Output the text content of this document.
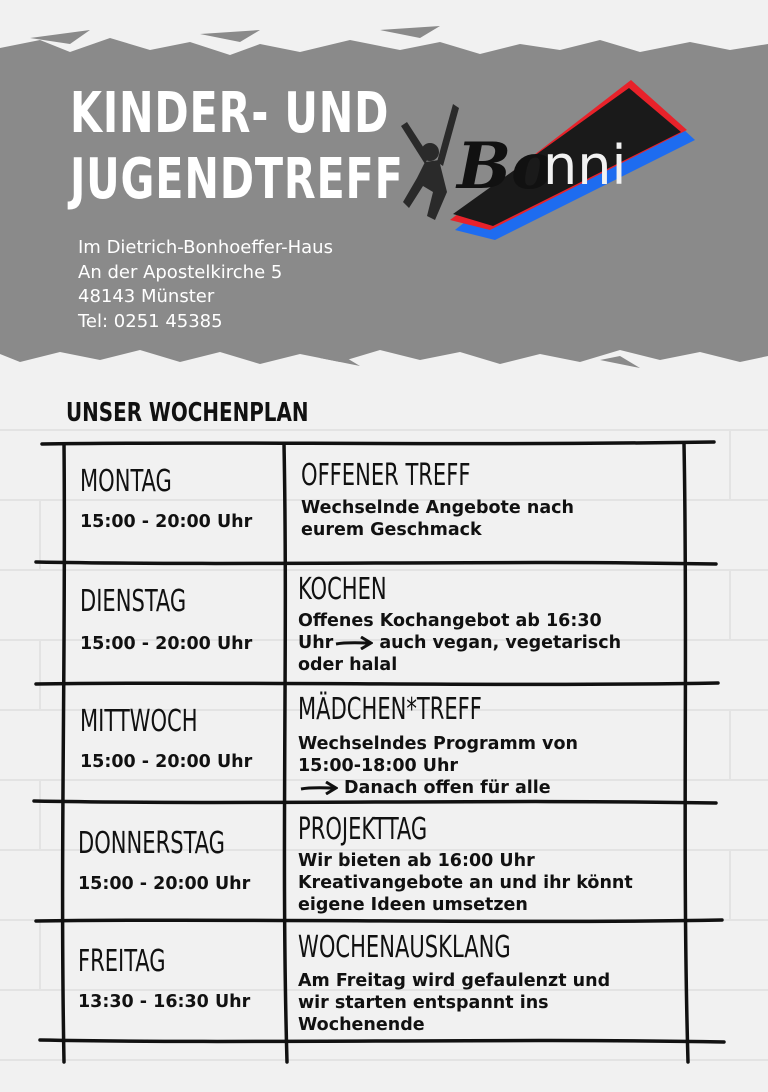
KINDER- UND
JUGENDTREFF
Im Dietrich-Bonhoeffer-Haus
An der Apostelkirche 5
48143 Münster
Tel: 0251 45385
Bo
nni
UNSER WOCHENPLAN
MONTAG
15:00 - 20:00 Uhr
OFFENER TREFF
Wechselnde Angebote nach
eurem Geschmack
DIENSTAG
15:00 - 20:00 Uhr
KOCHEN
Offenes Kochangebot ab 16:30
Uhr	auch vegan, vegetarisch
oder halal
MITTWOCH
15:00 - 20:00 Uhr
MÄDCHEN*TREFF
Wechselndes Programm von
15:00-18:00 Uhr
Danach offen für alle
DONNERSTAG
15:00 - 20:00 Uhr
PROJEKTTAG
Wir bieten ab 16:00 Uhr
Kreativangebote an und ihr könnt
eigene Ideen umsetzen
FREITAG
13:30 - 16:30 Uhr
WOCHENAUSKLANG
Am Freitag wird gefaulenzt und
wir starten entspannt ins
Wochenende
